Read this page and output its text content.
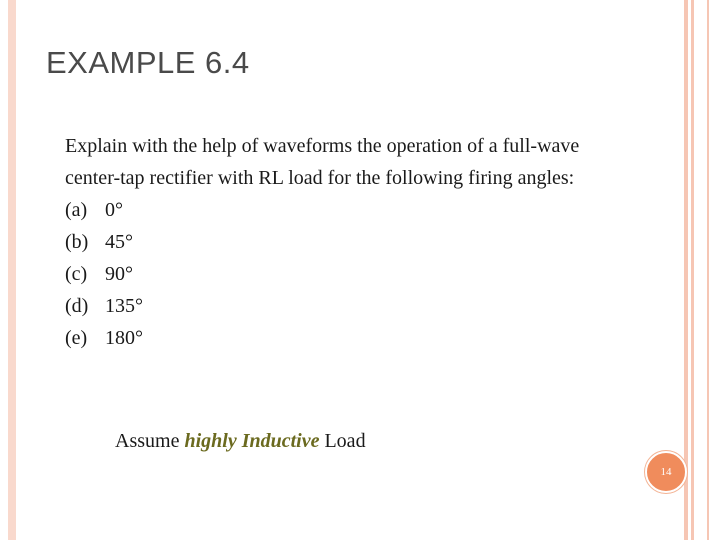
EXAMPLE 6.4

Explain with the help of waveforms the operation of a full-wave center-tap rectifier with RL load for the following firing angles:

(a) 0°
(b) 45°
(c) 90°
(d) 135°
(e) 180°
Assume highly Inductive Load
14
